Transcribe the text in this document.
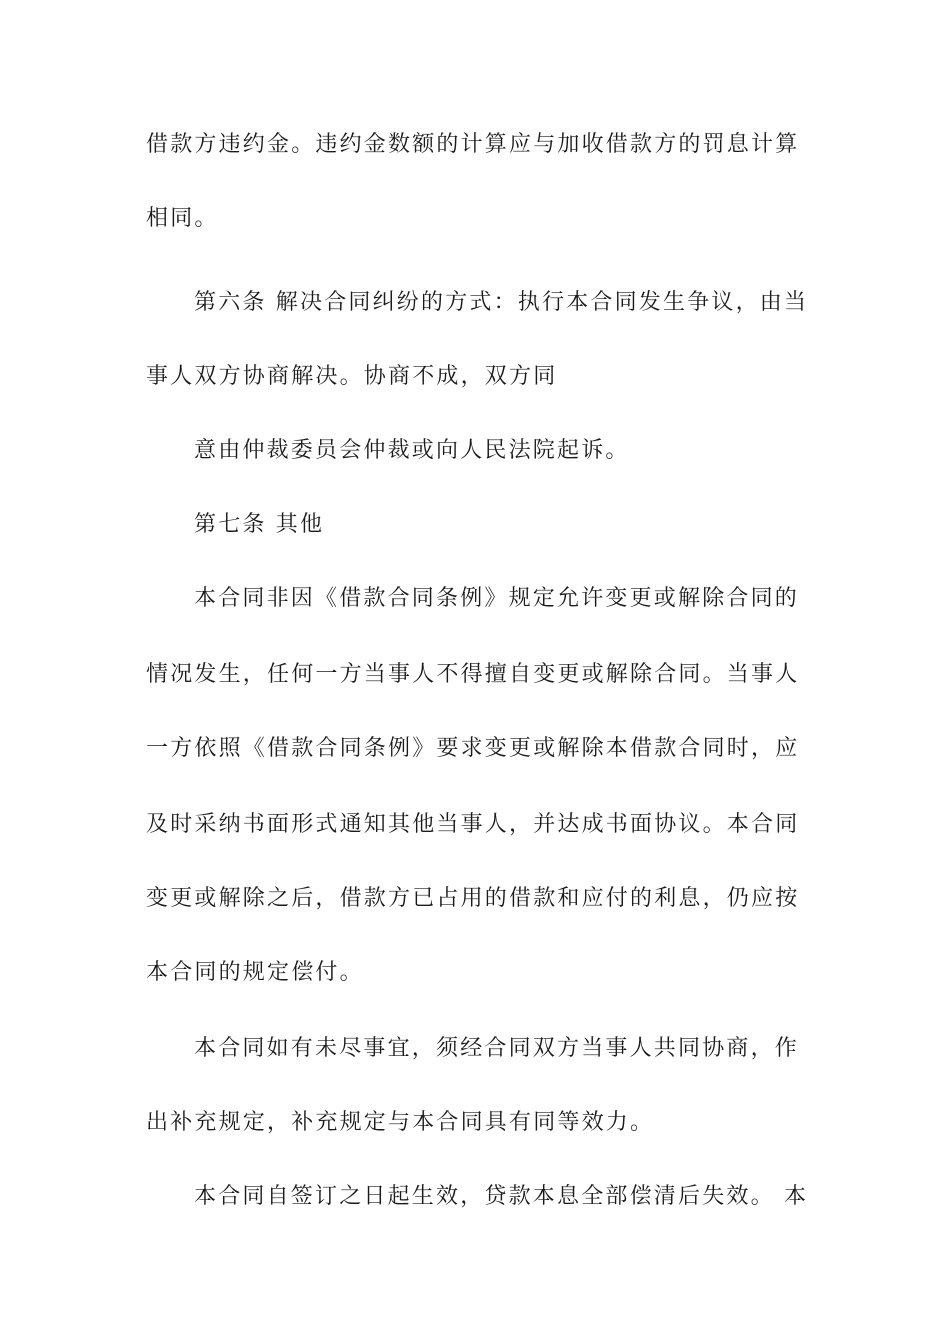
借款方违约金。违约金数额的计算应与加收借款方的罚息计算
相同。
第六条 解决合同纠纷的方式：执行本合同发生争议，由当
事人双方协商解决。协商不成，双方同
意由仲裁委员会仲裁或向人民法院起诉。
第七条 其他
本合同非因《借款合同条例》规定允许变更或解除合同的
情况发生，任何一方当事人不得擅自变更或解除合同。当事人
一方依照《借款合同条例》要求变更或解除本借款合同时，应
及时采纳书面形式通知其他当事人，并达成书面协议。本合同
变更或解除之后，借款方已占用的借款和应付的利息，仍应按
本合同的规定偿付。
本合同如有未尽事宜，须经合同双方当事人共同协商，作
出补充规定，补充规定与本合同具有同等效力。
本合同自签订之日起生效，贷款本息全部偿清后失效。 本
